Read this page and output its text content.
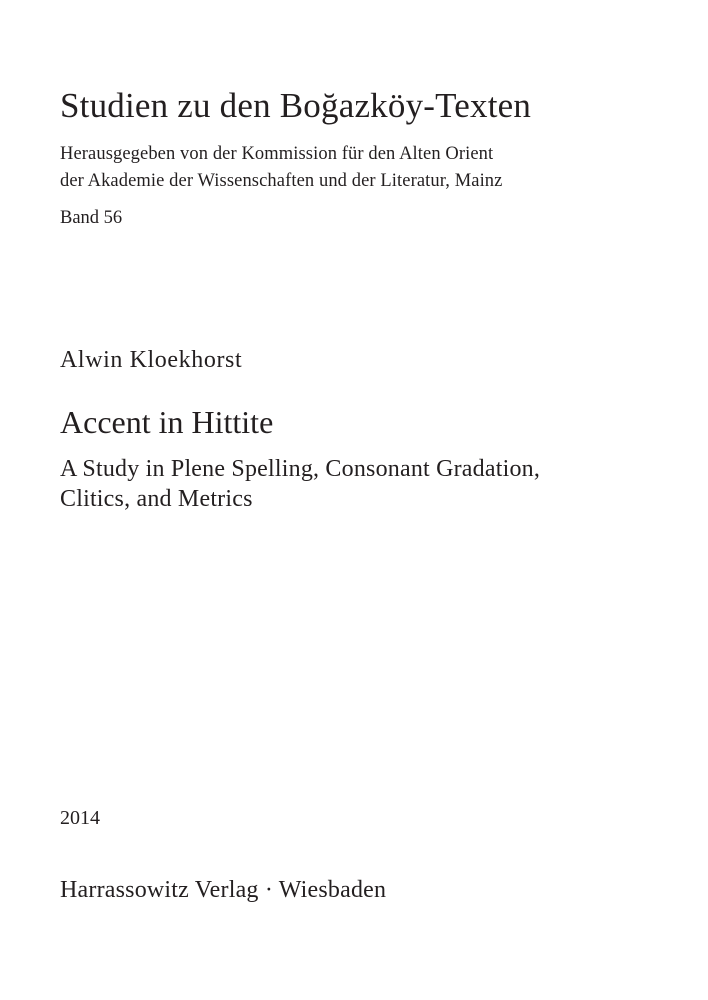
Studien zu den Boğazköy-Texten

Herausgegeben von der Kommission für den Alten Orient

der Akademie der Wissenschaften und der Literatur, Mainz

Band 56

Alwin Kloekhorst

Accent in Hittite

A Study in Plene Spelling, Consonant Gradation,

Clitics, and Metrics

2014

Harrassowitz Verlag · Wiesbaden
